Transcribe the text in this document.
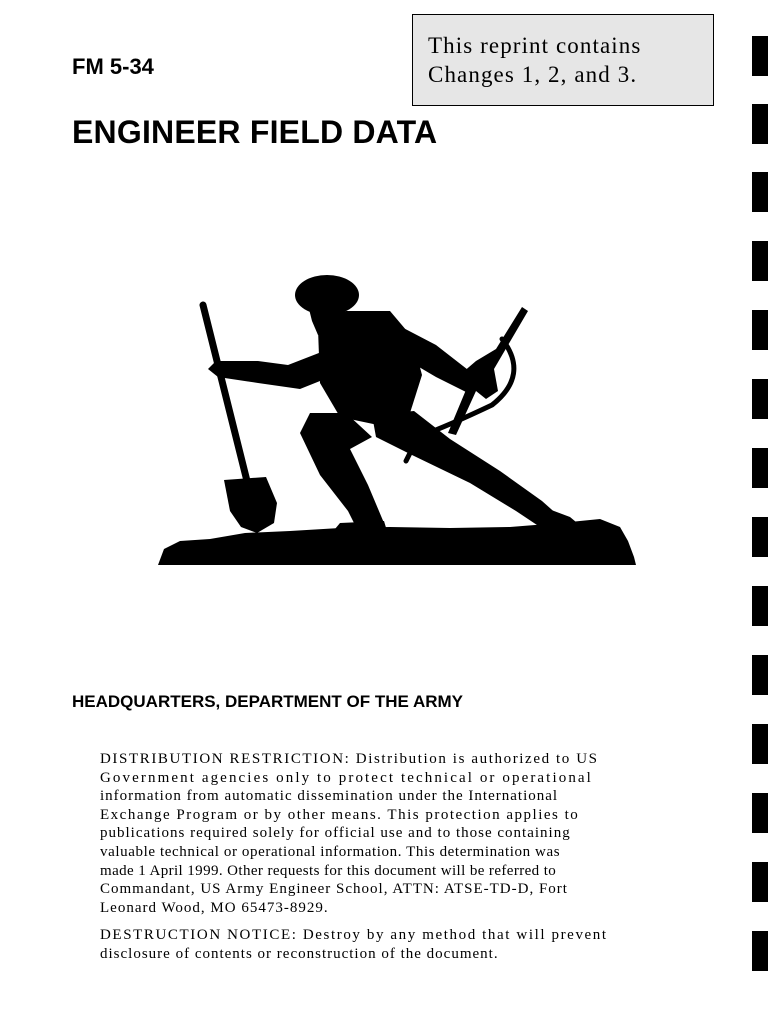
FM 5-34
This reprint contains
Changes 1, 2, and 3.
ENGINEER FIELD DATA
HEADQUARTERS, DEPARTMENT OF THE ARMY

DISTRIBUTION RESTRICTION: Distribution is authorized to US
Government agencies only to protect technical or operational
information from automatic dissemination under the International
Exchange Program or by other means. This protection applies to
publications required solely for official use and to those containing
valuable technical or operational information. This determination was
made 1 April 1999. Other requests for this document will be referred to
Commandant, US Army Engineer School, ATTN: ATSE-TD-D, Fort
Leonard Wood, MO 65473-8929.

DESTRUCTION NOTICE: Destroy by any method that will prevent
disclosure of contents or reconstruction of the document.
